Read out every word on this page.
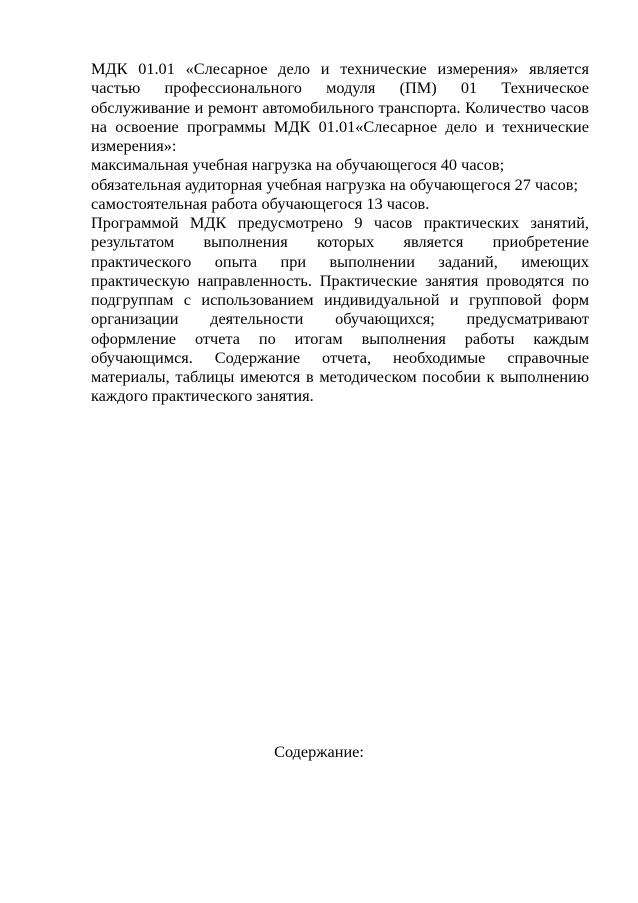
МДК 01.01 «Слесарное дело и технические измерения» является частью профессионального модуля (ПМ) 01 Техническое обслуживание и ремонт автомобильного транспорта. Количество часов на освоение программы МДК 01.01«Слесарное дело и технические измерения»:

максимальная учебная нагрузка на обучающегося 40 часов;

обязательная аудиторная учебная нагрузка на обучающегося 27 часов;

самостоятельная работа обучающегося 13 часов.

Программой МДК предусмотрено 9 часов практических занятий, результатом выполнения которых является приобретение практического опыта при выполнении заданий, имеющих практическую направленность. Практические занятия проводятся по подгруппам с использованием индивидуальной и групповой форм организации деятельности обучающихся; предусматривают оформление отчета по итогам выполнения работы каждым обучающимся. Содержание отчета, необходимые справочные материалы, таблицы имеются в методическом пособии к выполнению каждого практического занятия.

Содержание:
